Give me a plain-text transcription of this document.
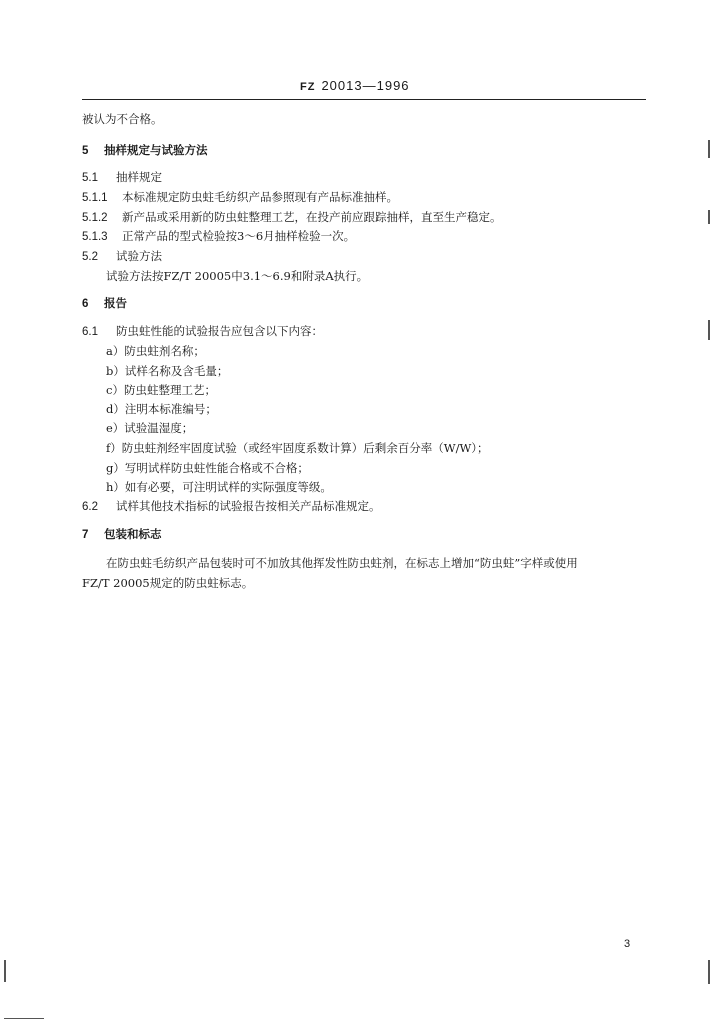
FZ 20013—1996
被认为不合格。
5 抽样规定与试验方法
5.1 抽样规定
5.1.1 本标准规定防虫蛀毛纺织产品参照现有产品标准抽样。
5.1.2 新产品或采用新的防虫蛀整理工艺，在投产前应跟踪抽样，直至生产稳定。
5.1.3 正常产品的型式检验按3～6月抽样检验一次。
5.2 试验方法
试验方法按FZ/T 20005中3.1～6.9和附录A执行。
6 报告
6.1 防虫蛀性能的试验报告应包含以下内容：
a）防虫蛀剂名称；
b）试样名称及含毛量；
c）防虫蛀整理工艺；
d）注明本标准编号；
e）试验温湿度；
f）防虫蛀剂经牢固度试验（或经牢固度系数计算）后剩余百分率（W/W）；
g）写明试样防虫蛀性能合格或不合格；
h）如有必要，可注明试样的实际强度等级。
6.2 试样其他技术指标的试验报告按相关产品标准规定。
7 包装和标志
在防虫蛀毛纺织产品包装时可不加放其他挥发性防虫蛀剂，在标志上增加“防虫蛀”字样或使用
FZ/T 20005规定的防虫蛀标志。
3
